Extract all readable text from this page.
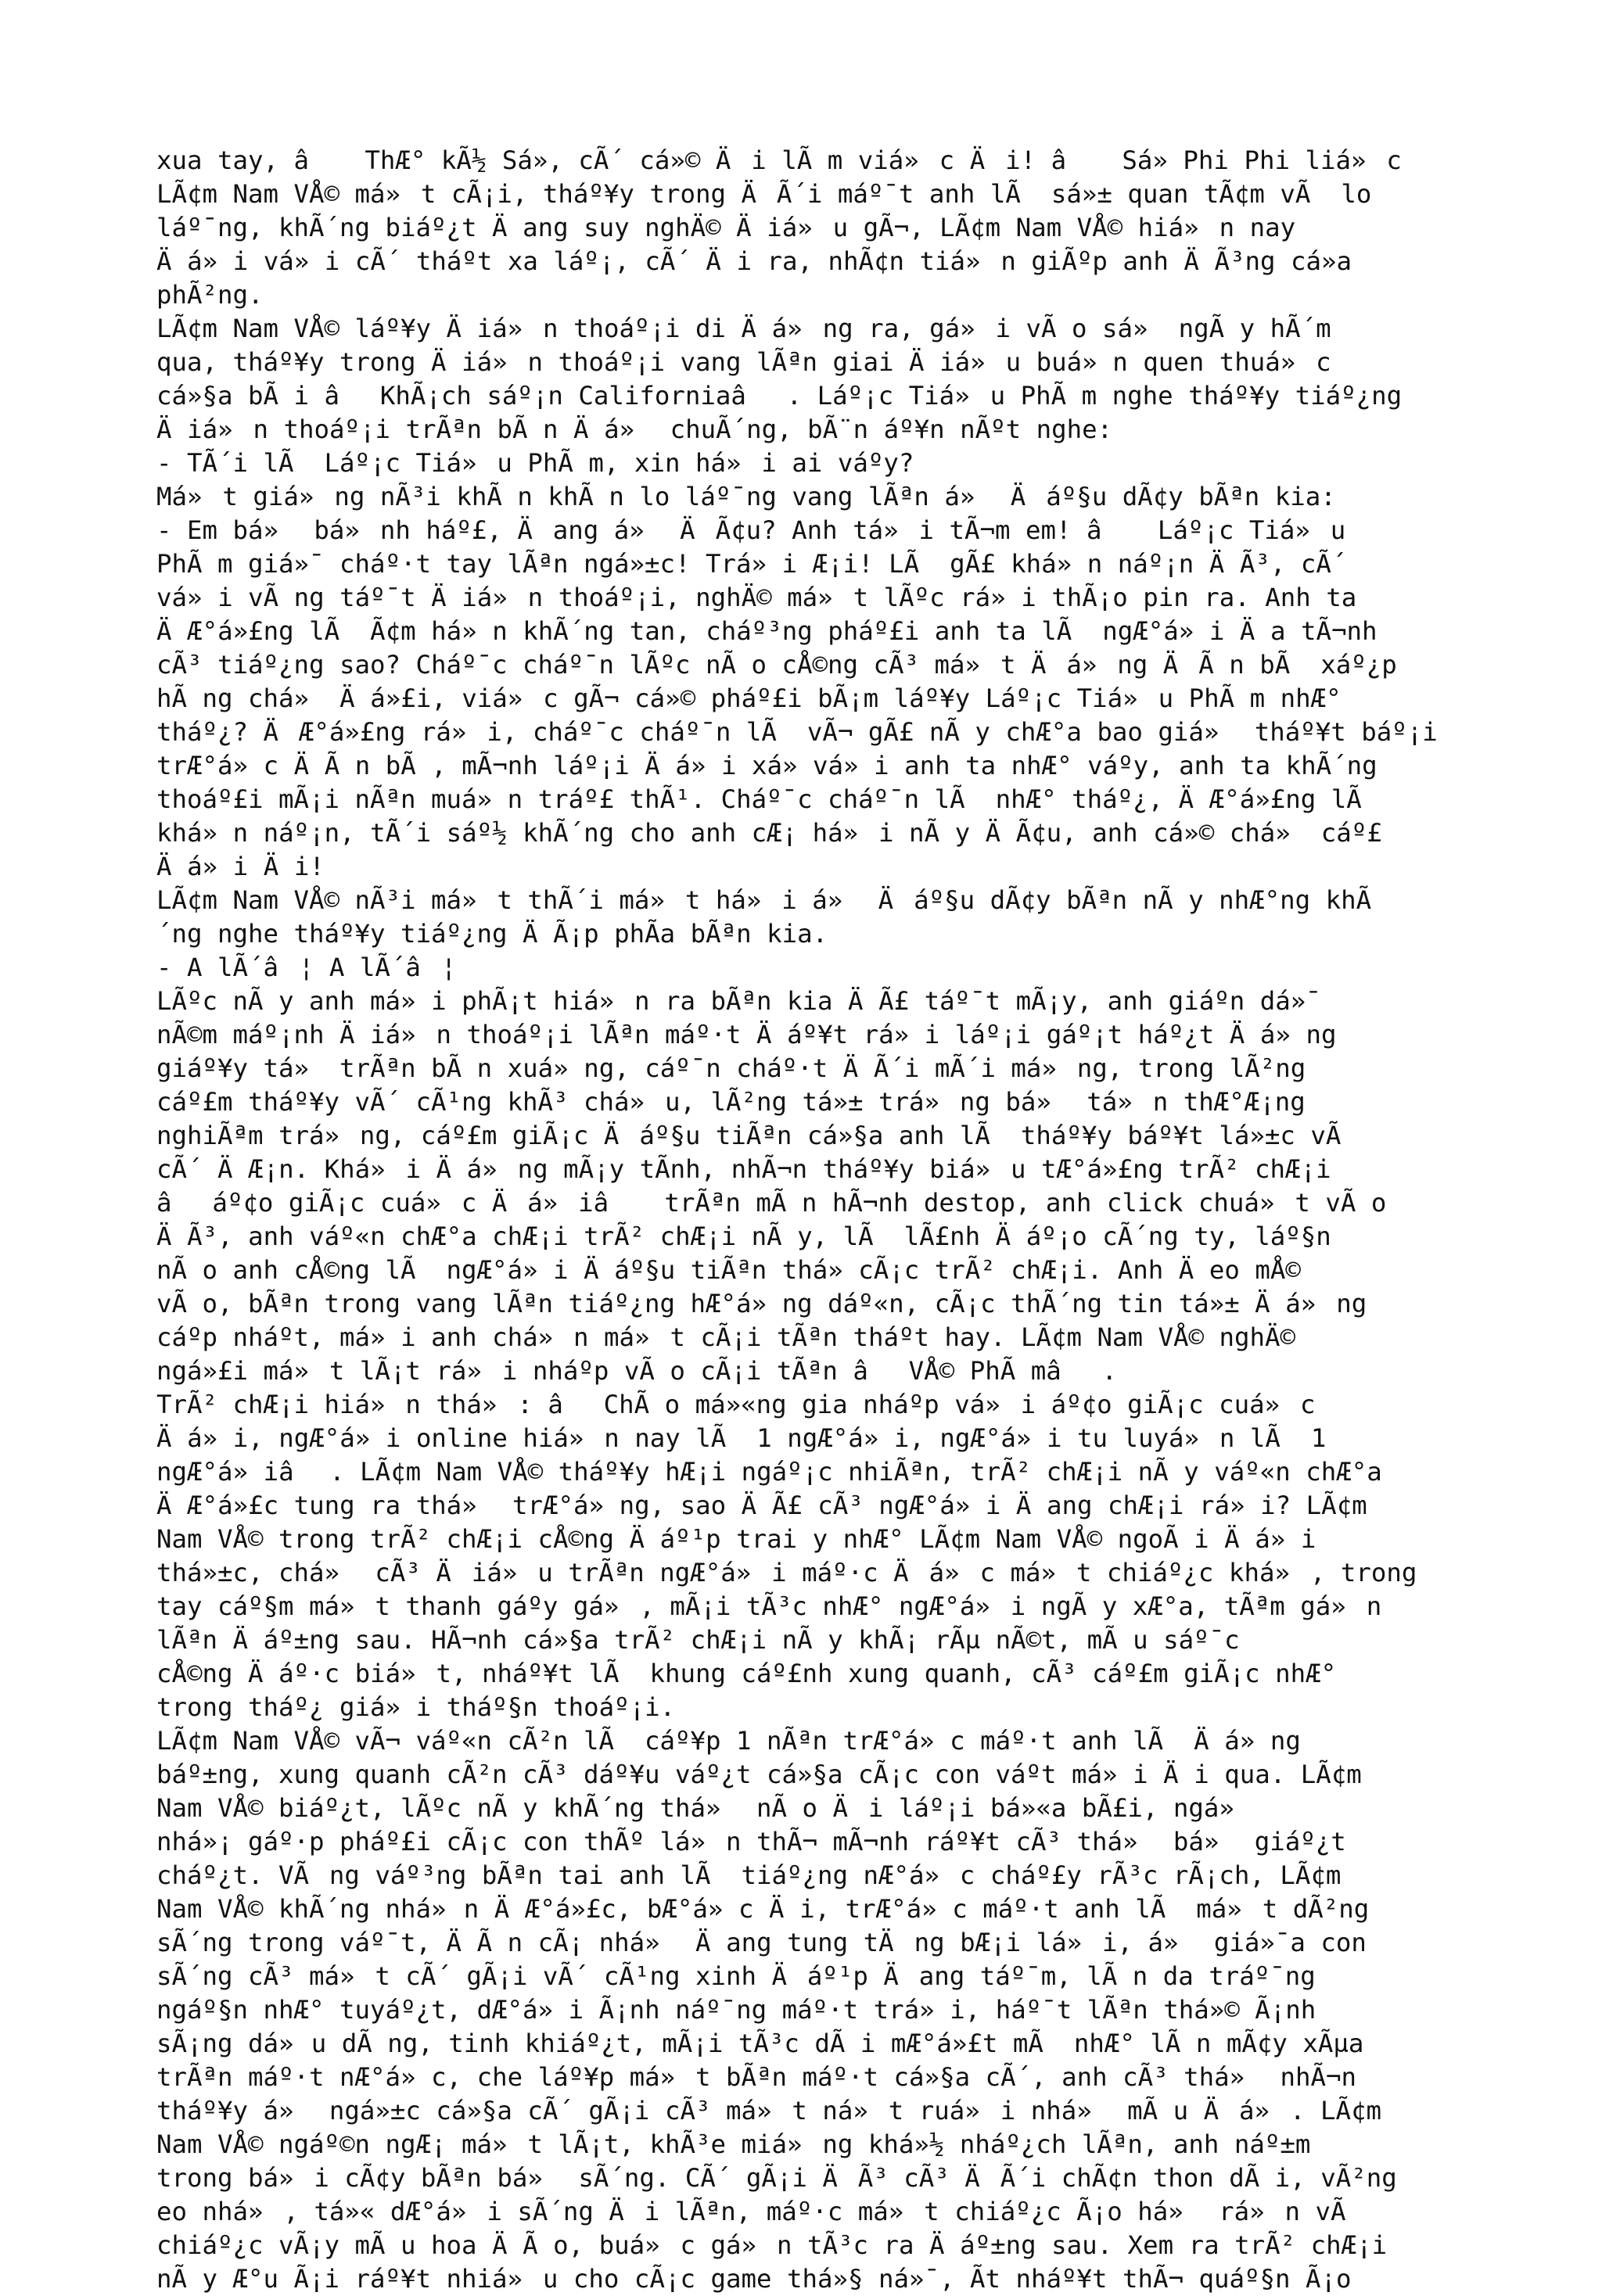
xua tay, â ThÆ° kÃ½ Sá», cÃ´ cá»© Äi lÃ m viá»c Äi! â Sá» Phi Phi liá»c
LÃ¢m Nam VÅ© má»t cÃ¡i, tháº¥y trong ÄÃ´i máº¯t anh lÃ  sá»± quan tÃ¢m vÃ  lo
láº¯ng, khÃ´ng biáº¿t Äang suy nghÄ© Äiá»u gÃ¬, LÃ¢m Nam VÅ© hiá»n nay
Äá»i vá»i cÃ´ tháºt xa láº¡, cÃ´ Äi ra, nhÃ¢n tiá»n giÃºp anh ÄÃ³ng cá»a
phÃ²ng.
LÃ¢m Nam VÅ© láº¥y Äiá»n thoáº¡i di Äá»ng ra, gá»i vÃ o sá» ngÃ y hÃ´m
qua, tháº¥y trong Äiá»n thoáº¡i vang lÃªn giai Äiá»u buá»n quen thuá»c
cá»§a bÃ i âKhÃ¡ch sáº¡n Californiaâ. Láº¡c Tiá»u PhÃ m nghe tháº¥y tiáº¿ng
Äiá»n thoáº¡i trÃªn bÃ n Äá» chuÃ´ng, bÃ¨n áº¥n nÃºt nghe:
- TÃ´i lÃ  Láº¡c Tiá»u PhÃ m, xin há»i ai váºy?
Má»t giá»ng nÃ³i khÃ n khÃ n lo láº¯ng vang lÃªn á» Äáº§u dÃ¢y bÃªn kia:
- Em bá» bá»nh háº£, Äang á» ÄÃ¢u? Anh tá»i tÃ¬m em! â Láº¡c Tiá»u
PhÃ m giá»¯ cháº·t tay lÃªn ngá»±c! Trá»i Æ¡i! LÃ  gÃ£ khá»n náº¡n ÄÃ³, cÃ´
vá»i vÃ ng táº¯t Äiá»n thoáº¡i, nghÄ© má»t lÃºc rá»i thÃ¡o pin ra. Anh ta
ÄÆ°á»£ng lÃ  Ã¢m há»n khÃ´ng tan, cháº³ng pháº£i anh ta lÃ  ngÆ°á»i Äa tÃ¬nh
cÃ³ tiáº¿ng sao? Cháº¯c cháº¯n lÃºc nÃ o cÅ©ng cÃ³ má»t Äá»ng ÄÃ n bÃ  xáº¿p
hÃ ng chá» Äá»£i, viá»c gÃ¬ cá»© pháº£i bÃ¡m láº¥y Láº¡c Tiá»u PhÃ m nhÆ°
tháº¿? ÄÆ°á»£ng rá»i, cháº¯c cháº¯n lÃ  vÃ¬ gÃ£ nÃ y chÆ°a bao giá» tháº¥t báº¡i
trÆ°á»c ÄÃ n bÃ , mÃ¬nh láº¡i Äá»i xá» vá»i anh ta nhÆ° váºy, anh ta khÃ´ng
thoáº£i mÃ¡i nÃªn muá»n tráº£ thÃ¹. Cháº¯c cháº¯n lÃ  nhÆ° tháº¿, ÄÆ°á»£ng lÃ
khá»n náº¡n, tÃ´i sáº½ khÃ´ng cho anh cÆ¡ há»i nÃ y ÄÃ¢u, anh cá»© chá» cáº£
Äá»i Äi!
LÃ¢m Nam VÅ© nÃ³i má»t thÃ´i má»t há»i á» Äáº§u dÃ¢y bÃªn nÃ y nhÆ°ng khÃ
´ng nghe tháº¥y tiáº¿ng ÄÃ¡p phÃa bÃªn kia.
- A lÃ´â¦ A lÃ´â¦
LÃºc nÃ y anh má»i phÃ¡t hiá»n ra bÃªn kia ÄÃ£ táº¯t mÃ¡y, anh giáºn dá»¯
nÃ©m máº¡nh Äiá»n thoáº¡i lÃªn máº·t Äáº¥t rá»i láº¡i gáº¡t háº¿t Äá»ng
giáº¥y tá» trÃªn bÃ n xuá»ng, cáº¯n cháº·t ÄÃ´i mÃ´i má»ng, trong lÃ²ng
cáº£m tháº¥y vÃ´ cÃ¹ng khÃ³ chá»u, lÃ²ng tá»± trá»ng bá» tá»n thÆ°Æ¡ng
nghiÃªm trá»ng, cáº£m giÃ¡c Äáº§u tiÃªn cá»§a anh lÃ  tháº¥y báº¥t lá»±c vÃ
cÃ´ ÄÆ¡n. Khá»i Äá»ng mÃ¡y tÃnh, nhÃ¬n tháº¥y biá»u tÆ°á»£ng trÃ² chÆ¡i
âáº¢o giÃ¡c cuá»c Äá»iâ trÃªn mÃ n hÃ¬nh destop, anh click chuá»t vÃ o
ÄÃ³, anh váº«n chÆ°a chÆ¡i trÃ² chÆ¡i nÃ y, lÃ  lÃ£nh Äáº¡o cÃ´ng ty, láº§n
nÃ o anh cÅ©ng lÃ  ngÆ°á»i Äáº§u tiÃªn thá» cÃ¡c trÃ² chÆ¡i. Anh Äeo mÅ©
vÃ o, bÃªn trong vang lÃªn tiáº¿ng hÆ°á»ng dáº«n, cÃ¡c thÃ´ng tin tá»± Äá»ng
cáºp nháºt, má»i anh chá»n má»t cÃ¡i tÃªn tháºt hay. LÃ¢m Nam VÅ© nghÄ©
ngá»£i má»t lÃ¡t rá»i nháºp vÃ o cÃ¡i tÃªn âVÅ© PhÃ mâ.
TrÃ² chÆ¡i hiá»n thá»: âChÃ o má»«ng gia nháºp vá»i áº¢o giÃ¡c cuá»c
Äá»i, ngÆ°á»i online hiá»n nay lÃ  1 ngÆ°á»i, ngÆ°á»i tu luyá»n lÃ  1
ngÆ°á»iâ. LÃ¢m Nam VÅ© tháº¥y hÆ¡i ngáº¡c nhiÃªn, trÃ² chÆ¡i nÃ y váº«n chÆ°a
ÄÆ°á»£c tung ra thá» trÆ°á»ng, sao ÄÃ£ cÃ³ ngÆ°á»i Äang chÆ¡i rá»i? LÃ¢m
Nam VÅ© trong trÃ² chÆ¡i cÅ©ng Äáº¹p trai y nhÆ° LÃ¢m Nam VÅ© ngoÃ i Äá»i
thá»±c, chá» cÃ³ Äiá»u trÃªn ngÆ°á»i máº·c Äá»c má»t chiáº¿c khá», trong
tay cáº§m má»t thanh gáºy gá», mÃ¡i tÃ³c nhÆ° ngÆ°á»i ngÃ y xÆ°a, tÃªm gá»n
lÃªn Äáº±ng sau. HÃ¬nh cá»§a trÃ² chÆ¡i nÃ y khÃ¡ rÃµ nÃ©t, mÃ u sáº¯c
cÅ©ng Äáº·c biá»t, nháº¥t lÃ  khung cáº£nh xung quanh, cÃ³ cáº£m giÃ¡c nhÆ°
trong tháº¿ giá»i tháº§n thoáº¡i.
LÃ¢m Nam VÅ© vÃ¬ váº«n cÃ²n lÃ  cáº¥p 1 nÃªn trÆ°á»c máº·t anh lÃ  Äá»ng
báº±ng, xung quanh cÃ²n cÃ³ dáº¥u váº¿t cá»§a cÃ¡c con váºt má»i Äi qua. LÃ¢m
Nam VÅ© biáº¿t, lÃºc nÃ y khÃ´ng thá» nÃ o Äi láº¡i bá»«a bÃ£i, ngá»
nhá»¡ gáº·p pháº£i cÃ¡c con thÃº lá»n thÃ¬ mÃ¬nh ráº¥t cÃ³ thá» bá» giáº¿t
cháº¿t. VÃng váº³ng bÃªn tai anh lÃ  tiáº¿ng nÆ°á»c cháº£y rÃ³c rÃ¡ch, LÃ¢m
Nam VÅ© khÃ´ng nhá»n ÄÆ°á»£c, bÆ°á»c Äi, trÆ°á»c máº·t anh lÃ  má»t dÃ²ng
sÃ´ng trong váº¯t, ÄÃ n cÃ¡ nhá» Äang tung tÄng bÆ¡i lá»i, á» giá»¯a con
sÃ´ng cÃ³ má»t cÃ´ gÃ¡i vÃ´ cÃ¹ng xinh Äáº¹p Äang táº¯m, lÃ n da tráº¯ng
ngáº§n nhÆ° tuyáº¿t, dÆ°á»i Ã¡nh náº¯ng máº·t trá»i, háº¯t lÃªn thá»© Ã¡nh
sÃ¡ng dá»u dÃ ng, tinh khiáº¿t, mÃ¡i tÃ³c dÃ i mÆ°á»£t mÃ  nhÆ° lÃ n mÃ¢y xÃµa
trÃªn máº·t nÆ°á»c, che láº¥p má»t bÃªn máº·t cá»§a cÃ´, anh cÃ³ thá» nhÃ¬n
tháº¥y á» ngá»±c cá»§a cÃ´ gÃ¡i cÃ³ má»t ná»t ruá»i nhá» mÃ u Äá». LÃ¢m
Nam VÅ© ngáº©n ngÆ¡ má»t lÃ¡t, khÃ³e miá»ng khá»½ nháº¿ch lÃªn, anh náº±m
trong bá»i cÃ¢y bÃªn bá» sÃ´ng. CÃ´ gÃ¡i ÄÃ³ cÃ³ ÄÃ´i chÃ¢n thon dÃ i, vÃ²ng
eo nhá», tá»« dÆ°á»i sÃ´ng Äi lÃªn, máº·c má»t chiáº¿c Ã¡o há» rá»n vÃ
chiáº¿c vÃ¡y mÃ u hoa ÄÃ o, buá»c gá»n tÃ³c ra Äáº±ng sau. Xem ra trÃ² chÆ¡i
nÃ y Æ°u Ã¡i ráº¥t nhiá»u cho cÃ¡c game thá»§ ná»¯, Ãt nháº¥t thÃ¬ quáº§n Ã¡o
